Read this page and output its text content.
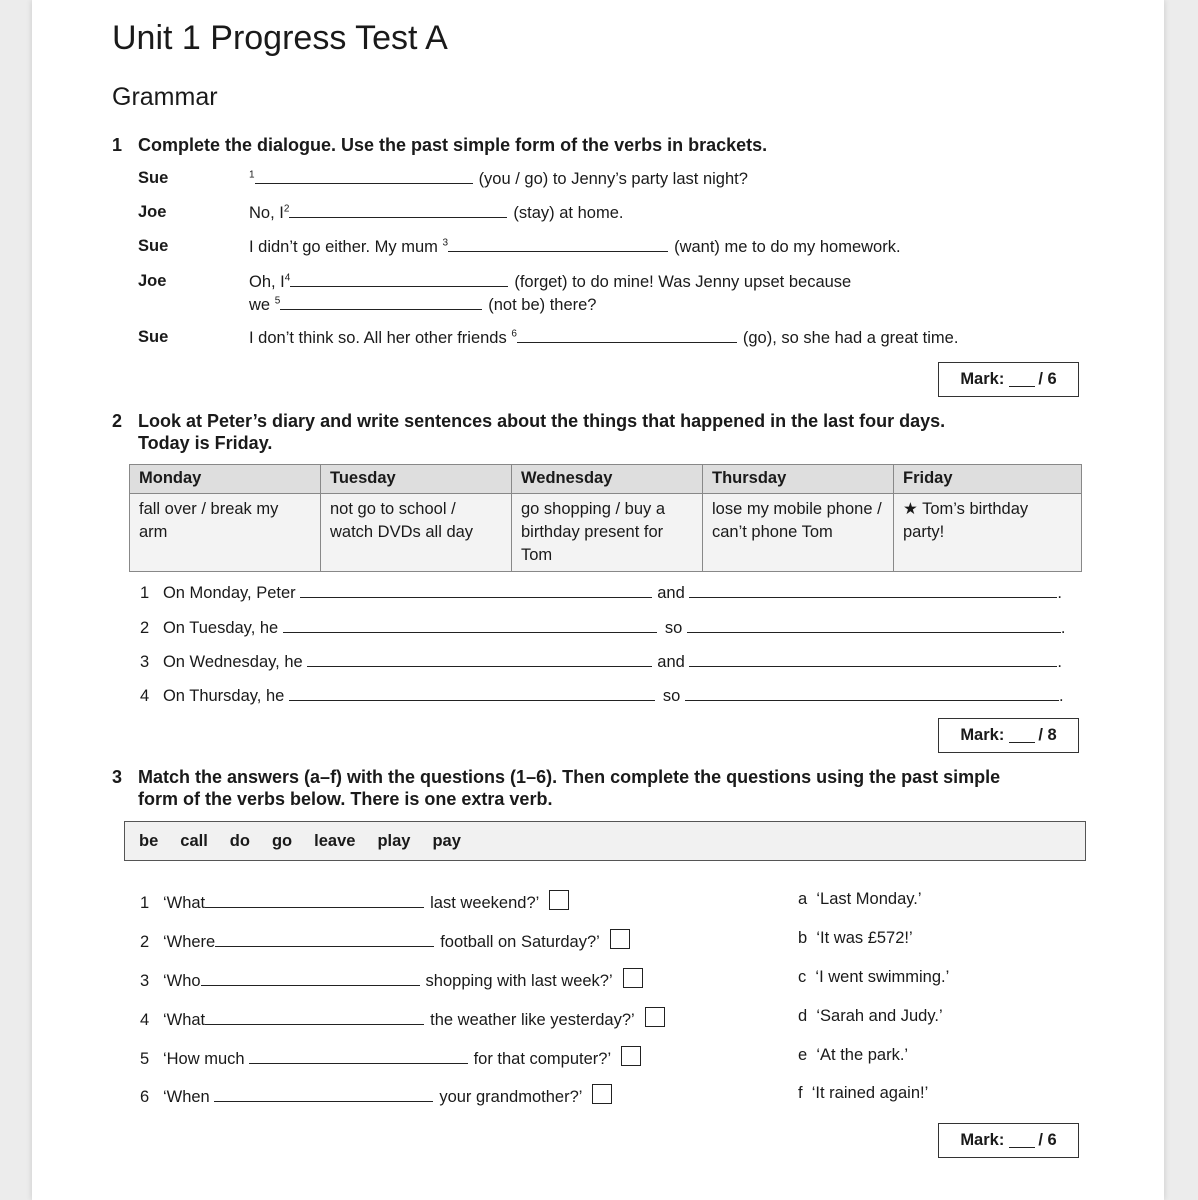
Unit 1 Progress Test A
Grammar
1 Complete the dialogue. Use the past simple form of the verbs in brackets.
Sue	$^1$	(you / go) to Jenny’s party last night?
Joe	No, $I^2$	(stay) at home.
Sue	I didn’t go either. My mum $^3$	(want) me to do my homework.
Joe	Oh, $I^4$	(forget) to do mine! Was Jenny upset because
we $^5$	(not be) there?
Sue	I don’t think so. All her other friends $^6$	(go), so she had a great time.
Mark: / 6
2 Look at Peter’s diary and write sentences about the things that happened in the last four days.
Today is Friday.
Monday	Tuesday	Wednesday	Thursday	Friday
fall over / break my arm	not go to school / watch DVDs all day	go shopping / buy a birthday present for Tom	lose my mobile phone / can’t phone Tom	★ Tom’s birthday party!
1 On Monday, Peter	and	.
2 On Tuesday, he	so	.
3 On Wednesday, he	and	.
4 On Thursday, he	so	.
Mark: / 8
3 Match the answers (a–f) with the questions (1–6). Then complete the questions using the past simple
form of the verbs below. There is one extra verb.
be call do go leave play pay
1 ‘What	last weekend?’
2 ‘Where	football on Saturday?’
3 ‘Who	shopping with last week?’
4 ‘What	the weather like yesterday?’
5 ‘How much	for that computer?’
6 ‘When	your grandmother?’
a ‘Last Monday.’
b ‘It was £572!’
c ‘I went swimming.’
d ‘Sarah and Judy.’
e ‘At the park.’
f ‘It rained again!’
Mark: / 6
